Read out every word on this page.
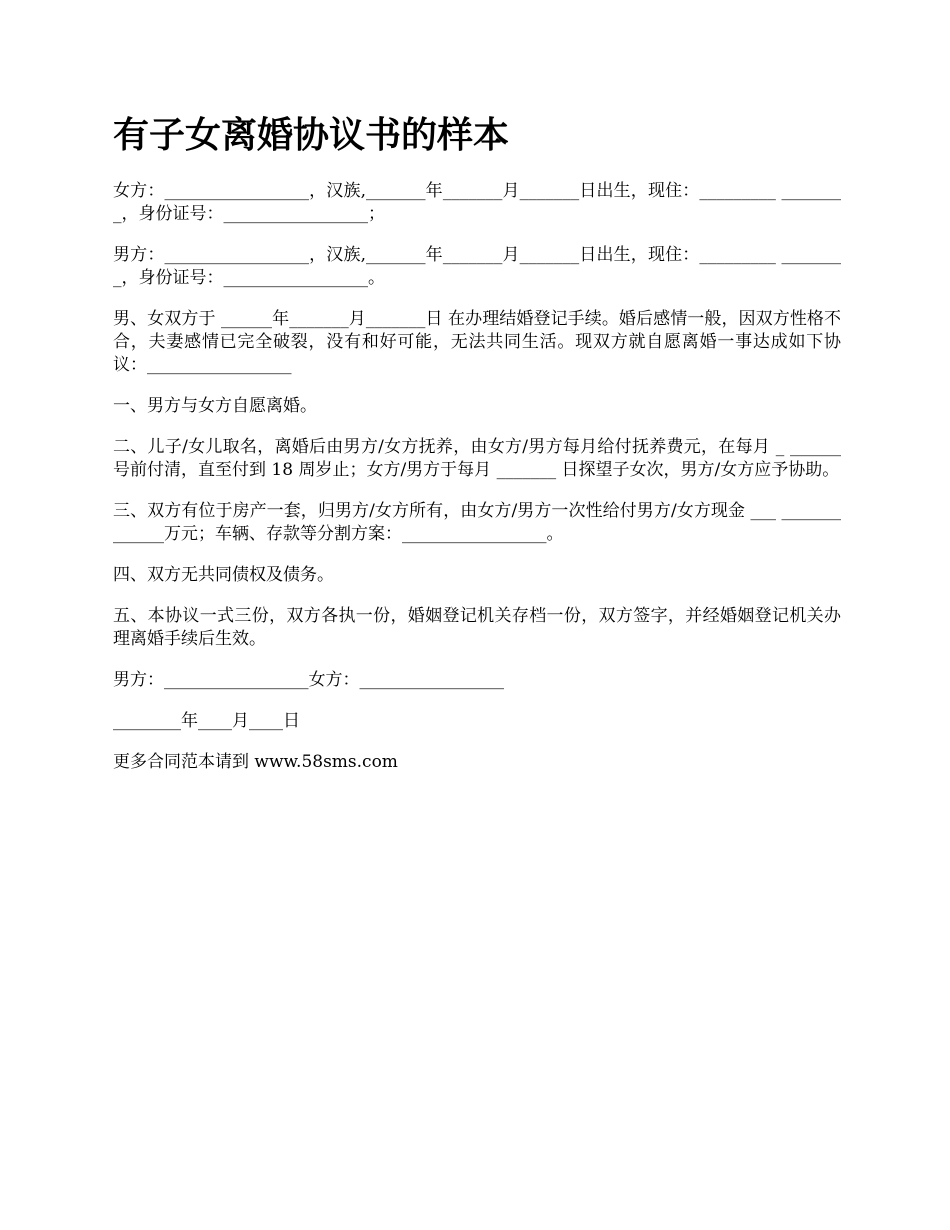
有子女离婚协议书的样本

女方：_________________，汉族,_______年_______月_______日出生，现住：_________ ________，身份证号：_________________；

男方：_________________，汉族,_______年_______月_______日出生，现住：_________ ________，身份证号：_________________。

男、女双方于 ______年_______月_______日 在办理结婚登记手续。婚后感情一般，因双方性格不合，夫妻感情已完全破裂，没有和好可能，无法共同生活。现双方就自愿离婚一事达成如下协议：_________________

一、男方与女方自愿离婚。

二、儿子/女儿取名，离婚后由男方/女方抚养，由女方/男方每月给付抚养费元，在每月 _ ______ 号前付清，直至付到 18 周岁止；女方/男方于每月 _______ 日探望子女次，男方/女方应予协助。

三、双方有位于房产一套，归男方/女方所有，由女方/男方一次性给付男方/女方现金 ___ _____________万元；车辆、存款等分割方案：_________________。

四、双方无共同债权及债务。

五、本协议一式三份，双方各执一份，婚姻登记机关存档一份，双方签字，并经婚姻登记机关办理离婚手续后生效。

男方：_________________女方：_________________

________年____月____日

更多合同范本请到 www.58sms.com
